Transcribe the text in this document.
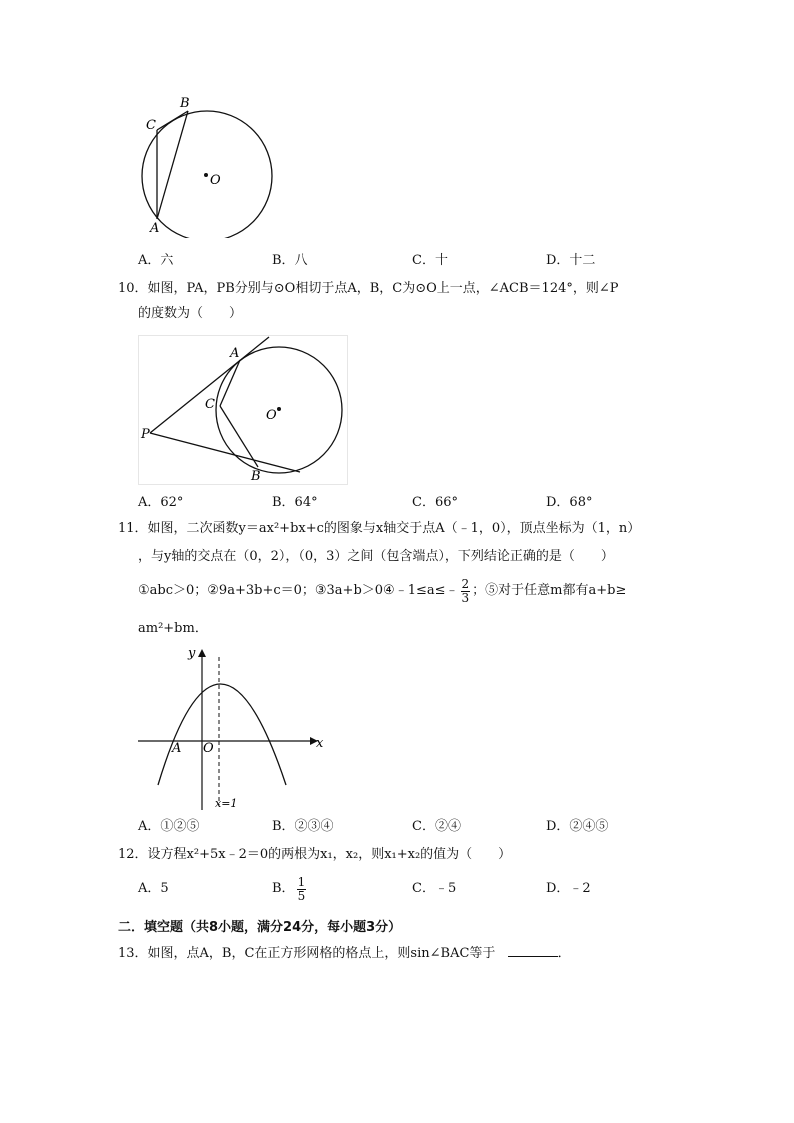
B
C
O
A
A．六	B．八	C．十	D．十二
10．如图，PA，PB分别与⊙O相切于点A，B，C为⊙O上一点，∠ACB＝124°，则∠P
的度数为（　　）
A
C
O
P
B
A．62°	B．64°	C．66°	D．68°
11．如图，二次函数y＝ax²+bx+c的图象与x轴交于点A（﹣1，0），顶点坐标为（1，n）
，与y轴的交点在（0，2），（0，3）之间（包含端点），下列结论正确的是（　　）
①abc＞0；②9a+3b+c＝0；③3a+b＞0④﹣1≤a≤﹣ $\frac{2}{3}$ ；⑤对于任意m都有a+b≥
am²+bm．
y
x
A O
x=1
A．①②⑤	B．②③④	C．②④	D．②④⑤
12．设方程x²+5x﹣2＝0的两根为x₁，x₂，则x₁+x₂的值为（　　）
A．5	B． $\frac{1}{5}$	C．﹣5	D．﹣2
二．填空题（共8小题，满分24分，每小题3分）
13．如图，点A，B，C在正方形网格的格点上，则sin∠BAC等于	．
